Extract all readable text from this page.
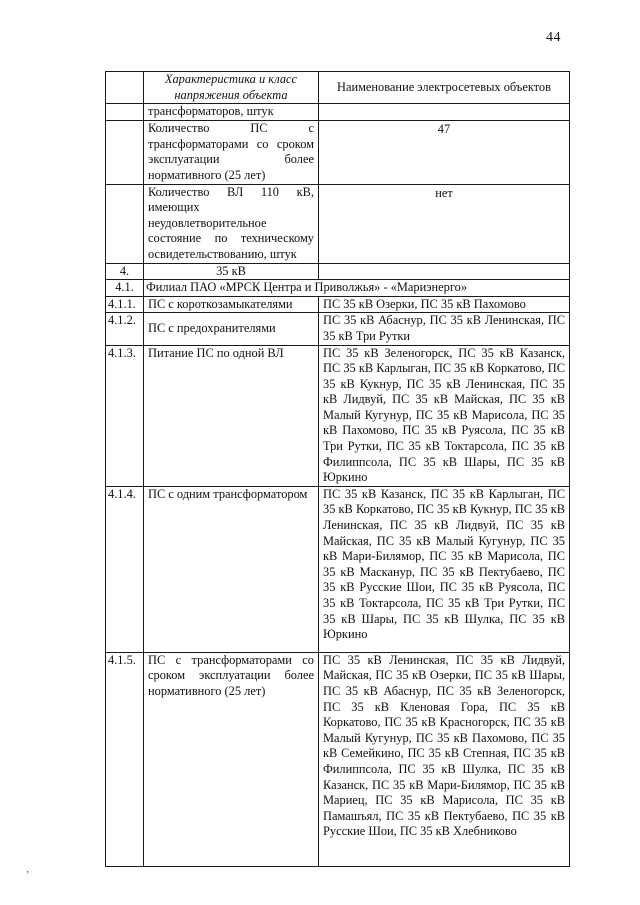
44
	Характеристика и класс напряжения объекта	Наименование электросетевых объектов
	трансформаторов, штук	
	Количество ПС с трансформаторами со сроком эксплуатации более нормативного (25 лет)	47
	Количество ВЛ 110 кВ, имеющих неудовлетворительное состояние по техническому освидетельствованию, штук	нет
4.	35 кВ	
4.1.	Филиал ПАО «МРСК Центра и Приволжья» - «Мариэнерго»	
4.1.1.	ПС с короткозамыкателями	ПС 35 кВ Озерки, ПС 35 кВ Пахомово
4.1.2.	ПС с предохранителями	ПС 35 кВ Абаснур, ПС 35 кВ Ленинская, ПС 35 кВ Три Рутки
4.1.3.	Питание ПС по одной ВЛ	ПС 35 кВ Зеленогорск, ПС 35 кВ Казанск, ПС 35 кВ Карлыган, ПС 35 кВ Коркатово, ПС 35 кВ Кукнур, ПС 35 кВ Ленинская, ПС 35 кВ Лидвуй, ПС 35 кВ Майская, ПС 35 кВ Малый Кугунур, ПС 35 кВ Марисола, ПС 35 кВ Пахомово, ПС 35 кВ Руясола, ПС 35 кВ Три Рутки, ПС 35 кВ Токтарсола, ПС 35 кВ Филиппсола, ПС 35 кВ Шары, ПС 35 кВ Юркино
4.1.4.	ПС с одним трансформатором	ПС 35 кВ Казанск, ПС 35 кВ Карлыган, ПС 35 кВ Коркатово, ПС 35 кВ Кукнур, ПС 35 кВ Ленинская, ПС 35 кВ Лидвуй, ПС 35 кВ Майская, ПС 35 кВ Малый Кугунур, ПС 35 кВ Мари-Билямор, ПС 35 кВ Марисола, ПС 35 кВ Масканур, ПС 35 кВ Пектубаево, ПС 35 кВ Русские Шои, ПС 35 кВ Руясола, ПС 35 кВ Токтарсола, ПС 35 кВ Три Рутки, ПС 35 кВ Шары, ПС 35 кВ Шулка, ПС 35 кВ Юркино
4.1.5.	ПС с трансформаторами со сроком эксплуатации более нормативного (25 лет)	ПС 35 кВ Ленинская, ПС 35 кВ Лидвуй, Майская, ПС 35 кВ Озерки, ПС 35 кВ Шары, ПС 35 кВ Абаснур, ПС 35 кВ Зеленогорск, ПС 35 кВ Кленовая Гора, ПС 35 кВ Коркатово, ПС 35 кВ Красногорск, ПС 35 кВ Малый Кугунур, ПС 35 кВ Пахомово, ПС 35 кВ Семейкино, ПС 35 кВ Степная, ПС 35 кВ Филиппсола, ПС 35 кВ Шулка, ПС 35 кВ Казанск, ПС 35 кВ Мари-Билямор, ПС 35 кВ Мариец, ПС 35 кВ Марисола, ПС 35 кВ Памашъял, ПС 35 кВ Пектубаево, ПС 35 кВ Русские Шои, ПС 35 кВ Хлебниково
ʼ
